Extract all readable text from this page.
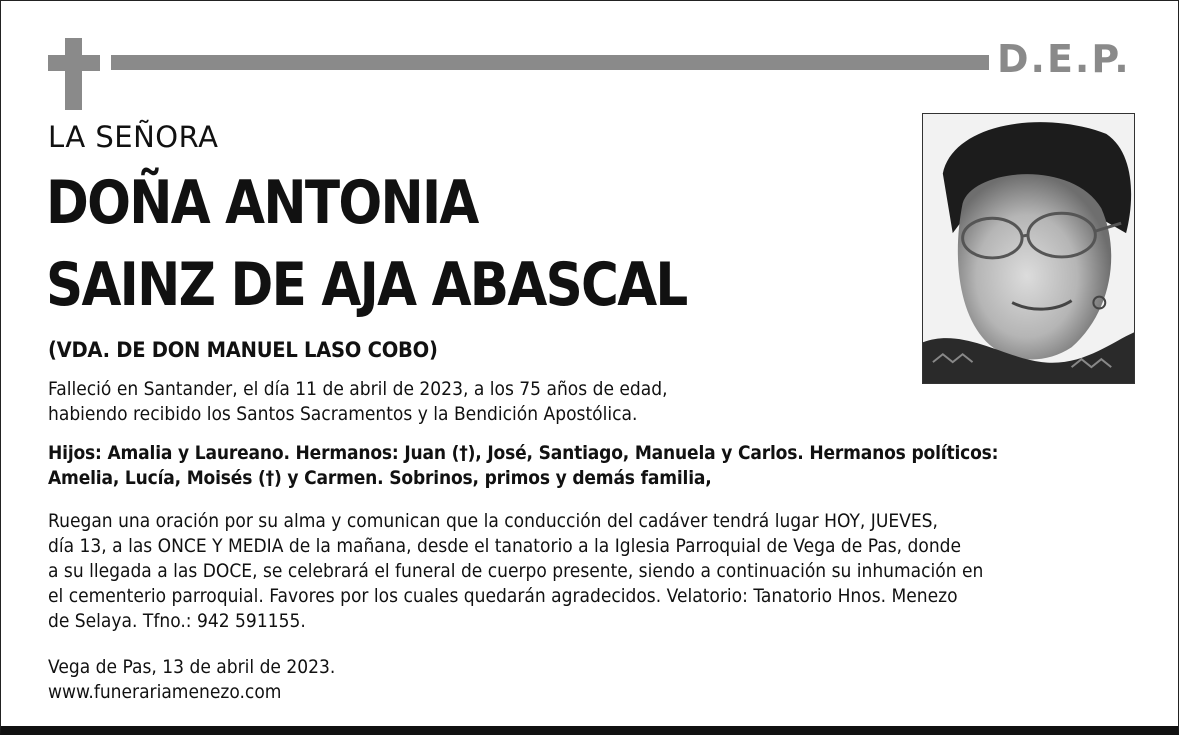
D.E.P.
LA SEÑORA
DOÑA ANTONIA
SAINZ DE AJA ABASCAL
(VDA. DE DON MANUEL LASO COBO)
Falleció en Santander, el día 11 de abril de 2023, a los 75 años de edad,
habiendo recibido los Santos Sacramentos y la Bendición Apostólica.
Hijos: Amalia y Laureano. Hermanos: Juan (†), José, Santiago, Manuela y Carlos. Hermanos políticos:
Amelia, Lucía, Moisés (†) y Carmen. Sobrinos, primos y demás familia,
Ruegan una oración por su alma y comunican que la conducción del cadáver tendrá lugar HOY, JUEVES,
día 13, a las ONCE Y MEDIA de la mañana, desde el tanatorio a la Iglesia Parroquial de Vega de Pas, donde
a su llegada a las DOCE, se celebrará el funeral de cuerpo presente, siendo a continuación su inhumación en
el cementerio parroquial. Favores por los cuales quedarán agradecidos. Velatorio: Tanatorio Hnos. Menezo
de Selaya. Tfno.: 942 591155.
Vega de Pas, 13 de abril de 2023.
www.funerariamenezo.com
